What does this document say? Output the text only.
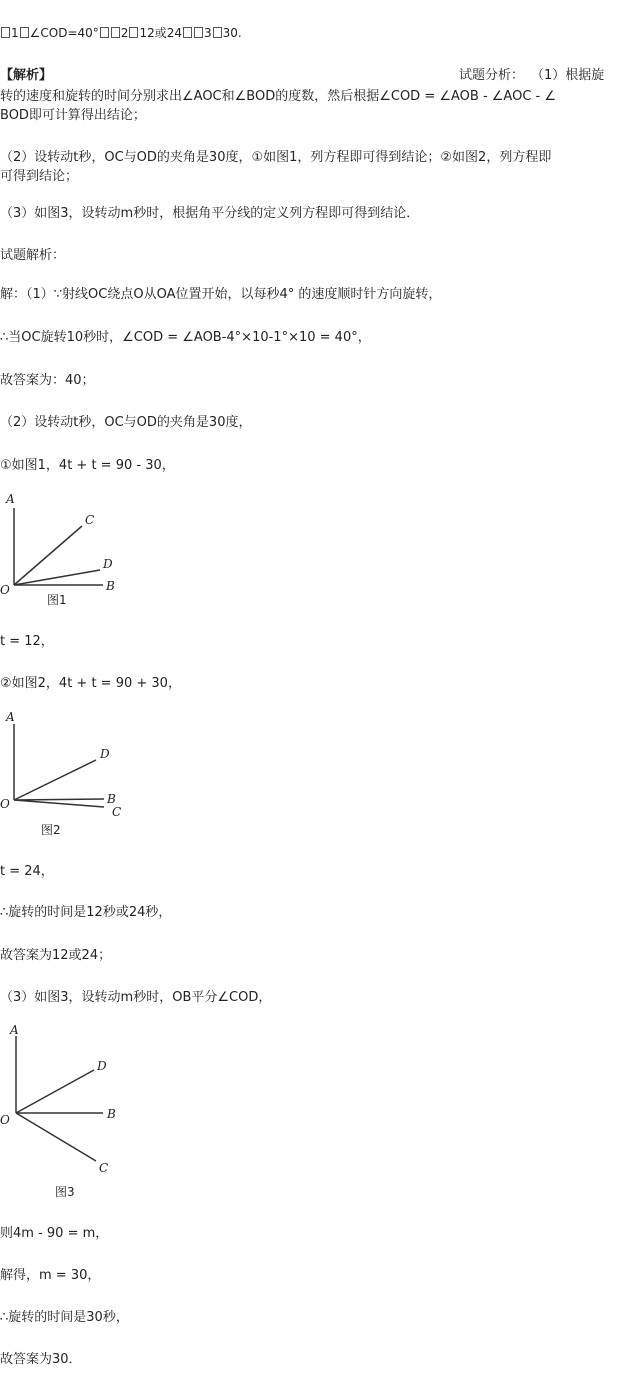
1 ∠COD=40° 2 12或24 3 30.
【解析】	试题分析： （1）根据旋
转的速度和旋转的时间分别求出∠AOC和∠BOD的度数，然后根据∠COD = ∠AOB - ∠AOC - ∠
BOD即可计算得出结论；
（2）设转动t秒，OC与OD的夹角是30度，①如图1，列方程即可得到结论；②如图2，列方程即
可得到结论；
（3）如图3，设转动m秒时，根据角平分线的定义列方程即可得到结论．
试题解析：
解：（1）∵射线OC绕点O从OA位置开始，以每秒4° 的速度顺时针方向旋转，
∴当OC旋转10秒时，∠COD = ∠AOB-4°×10-1°×10 = 40°，
故答案为：40；
（2）设转动t秒，OC与OD的夹角是30度，
①如图1，4t + t = 90 - 30，
A
C
D
O	B
图1
t = 12，
②如图2，4t + t = 90 + 30，
A
D
O	B
C
图2
t = 24，
∴旋转的时间是12秒或24秒，
故答案为12或24；
（3）如图3，设转动m秒时，OB平分∠COD，
A
D
O	B
C
图3
则4m - 90 = m，
解得，m = 30，
∴旋转的时间是30秒，
故答案为30．
